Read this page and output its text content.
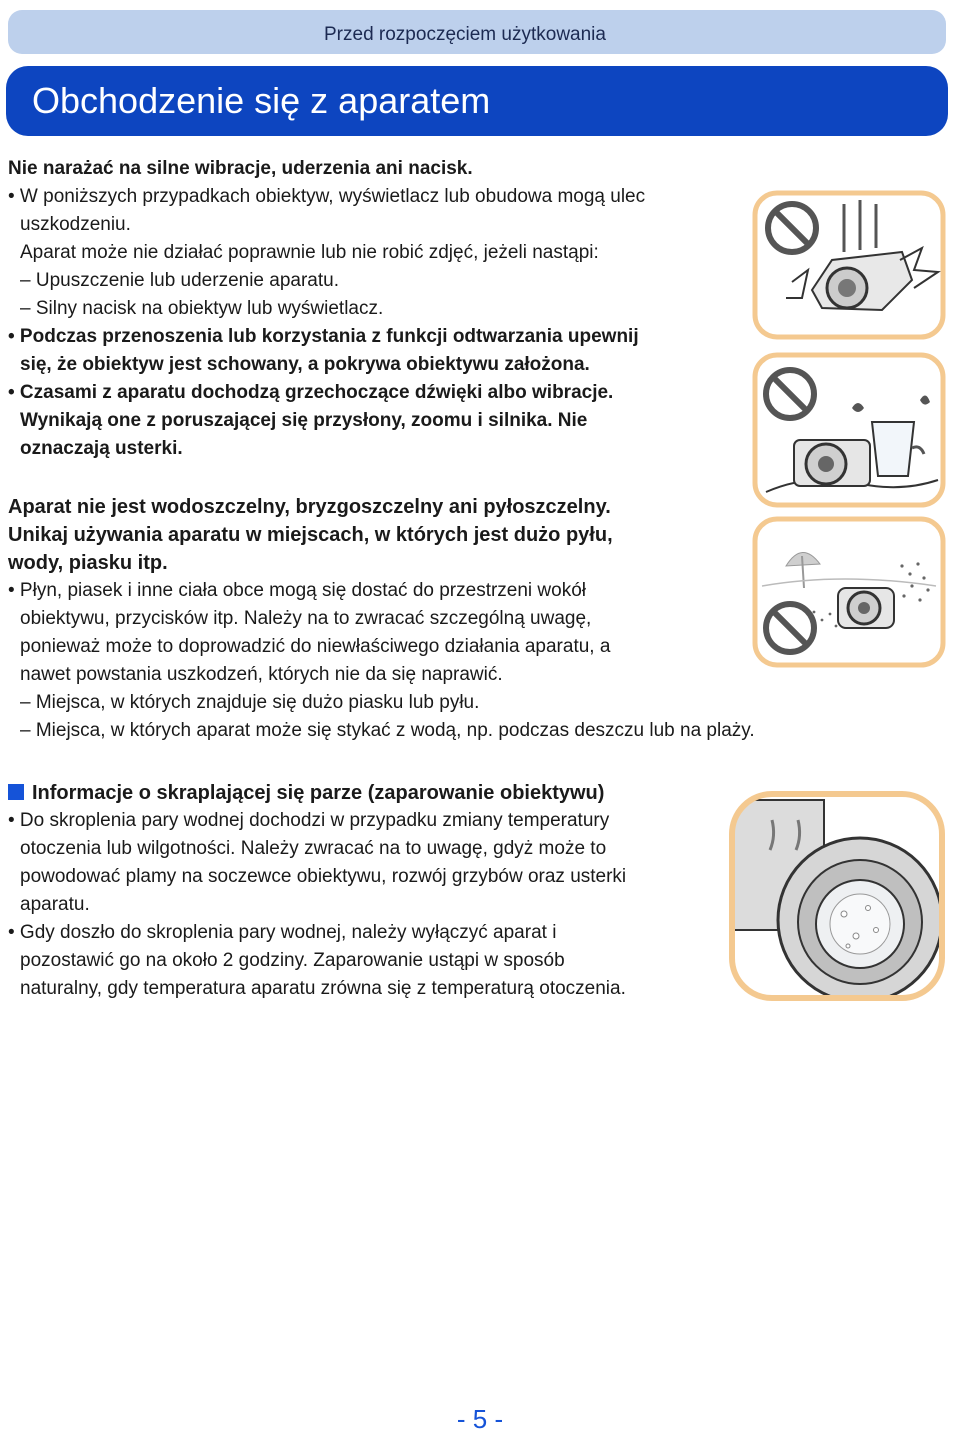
Przed rozpoczęciem użytkowania
Obchodzenie się z aparatem
Nie narażać na silne wibracje, uderzenia ani nacisk.
• W poniższych przypadkach obiektyw, wyświetlacz lub obudowa mogą ulec
uszkodzeniu.
Aparat może nie działać poprawnie lub nie robić zdjęć, jeżeli nastąpi:
– Upuszczenie lub uderzenie aparatu.
– Silny nacisk na obiektyw lub wyświetlacz.
• Podczas przenoszenia lub korzystania z funkcji odtwarzania upewnij
się, że obiektyw jest schowany, a pokrywa obiektywu założona.
• Czasami z aparatu dochodzą grzechoczące dźwięki albo wibracje.
Wynikają one z poruszającej się przysłony, zoomu i silnika. Nie
oznaczają usterki.
Aparat nie jest wodoszczelny, bryzgoszczelny ani pyłoszczelny.
Unikaj używania aparatu w miejscach, w których jest dużo pyłu,
wody, piasku itp.
• Płyn, piasek i inne ciała obce mogą się dostać do przestrzeni wokół
obiektywu, przycisków itp. Należy na to zwracać szczególną uwagę,
ponieważ może to doprowadzić do niewłaściwego działania aparatu, a
nawet powstania uszkodzeń, których nie da się naprawić.
– Miejsca, w których znajduje się dużo piasku lub pyłu.
– Miejsca, w których aparat może się stykać z wodą, np. podczas deszczu lub na plaży.
Informacje o skraplającej się parze (zaparowanie obiektywu)
• Do skroplenia pary wodnej dochodzi w przypadku zmiany temperatury
otoczenia lub wilgotności. Należy zwracać na to uwagę, gdyż może to
powodować plamy na soczewce obiektywu, rozwój grzybów oraz usterki
aparatu.
• Gdy doszło do skroplenia pary wodnej, należy wyłączyć aparat i
pozostawić go na około 2 godziny. Zaparowanie ustąpi w sposób
naturalny, gdy temperatura aparatu zrówna się z temperaturą otoczenia.
- 5 -
